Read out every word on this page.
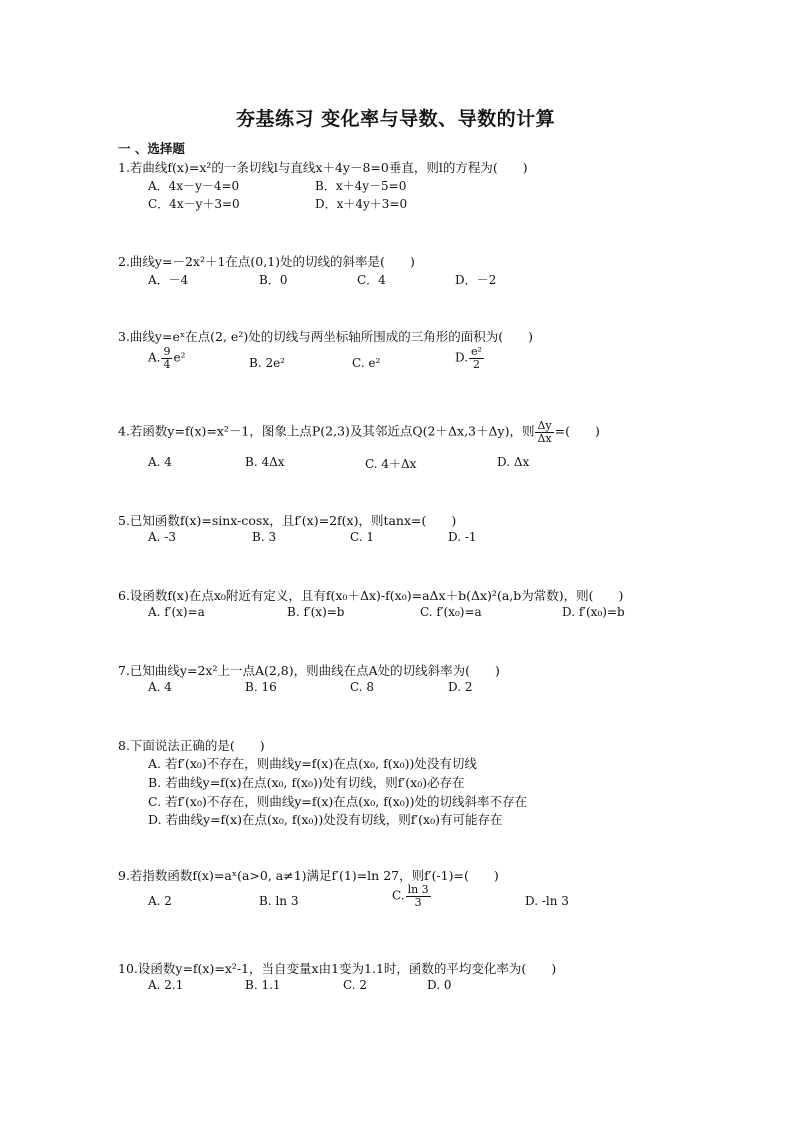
夯基练习 变化率与导数、导数的计算
一 、选择题
1.若曲线f(x)=x²的一条切线l与直线x＋4y－8=0垂直，则l的方程为(　　)
A．4x－y－4=0	B．x＋4y－5=0
C．4x－y＋3=0	D．x＋4y＋3=0
2.曲线y=－2x²＋1在点(0,1)处的切线的斜率是(　　)
A．－4	B．0	C．4	D．－2
3.曲线y=eˣ在点(2, e²)处的切线与两坐标轴所围成的三角形的面积为(　　)
A. $\frac{9}{4} e^2$	B. 2e²	C. e²	D. $\frac{\text{e²}}{2}$
4.若函数y=f(x)=x²－1，图象上点P(2,3)及其邻近点Q(2＋Δx,3＋Δy)，则 $\frac{\Delta y}{\Delta x}$ =(　　)
A. 4	B. 4Δx	C. 4＋Δx	D. Δx
5.已知函数f(x)=sinx-cosx，且f′(x)=2f(x)，则tanx=(　　)
A. -3	B. 3	C. 1	D. -1
6.设函数f(x)在点x₀附近有定义，且有f(x₀＋Δx)-f(x₀)=aΔx＋b(Δx)²(a,b为常数)，则(　　)
A. f′(x)=a	B. f′(x)=b	C. f′(x₀)=a	D. f′(x₀)=b
7.已知曲线y=2x²上一点A(2,8)，则曲线在点A处的切线斜率为(　　)
A. 4	B. 16	C. 8	D. 2
8.下面说法正确的是(　　)
A. 若f′(x₀)不存在，则曲线y=f(x)在点(x₀, f(x₀))处没有切线
B. 若曲线y=f(x)在点(x₀, f(x₀))处有切线，则f′(x₀)必存在
C. 若f′(x₀)不存在，则曲线y=f(x)在点(x₀, f(x₀))处的切线斜率不存在
D. 若曲线y=f(x)在点(x₀, f(x₀))处没有切线，则f′(x₀)有可能存在
9.若指数函数f(x)=aˣ(a>0, a≠1)满足f′(1)=ln 27，则f′(-1)=(　　)
A. 2	B. ln 3	C. $\frac{\ln 3}{3}$	D. -ln 3
10.设函数y=f(x)=x²-1，当自变量x由1变为1.1时，函数的平均变化率为(　　)
A. 2.1	B. 1.1	C. 2	D. 0
